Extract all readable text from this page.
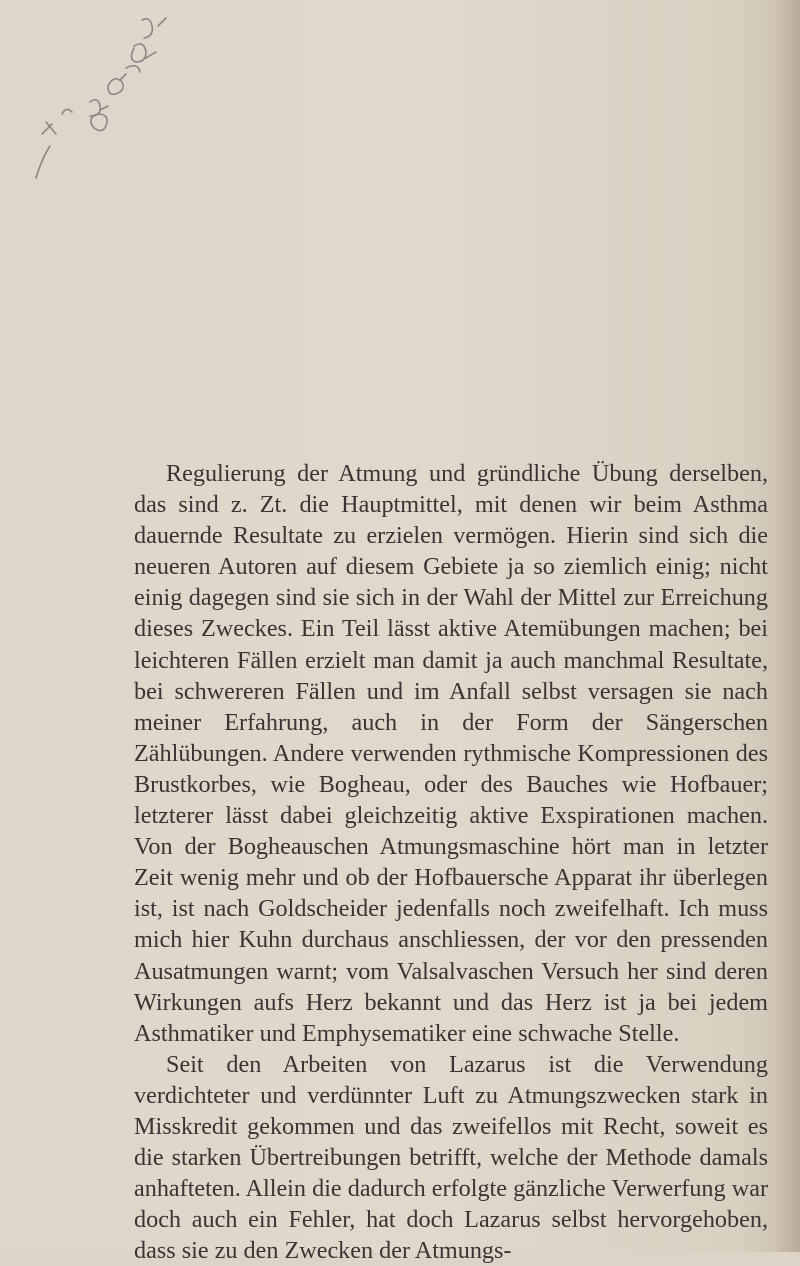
Regulierung der Atmung und gründliche Übung derselben, das sind z. Zt. die Hauptmittel, mit denen wir beim Asthma dauernde Resultate zu erzielen vermögen. Hierin sind sich die neueren Autoren auf diesem Gebiete ja so ziemlich einig; nicht einig dagegen sind sie sich in der Wahl der Mittel zur Erreichung dieses Zweckes. Ein Teil lässt aktive Atemübungen machen; bei leichteren Fällen erzielt man damit ja auch manchmal Resultate, bei schwereren Fällen und im Anfall selbst versagen sie nach meiner Erfahrung, auch in der Form der Sängerschen Zählübungen. Andere verwenden rythmische Kompressionen des Brustkorbes, wie Bogheau, oder des Bauches wie Hofbauer; letzterer lässt dabei gleichzeitig aktive Exspirationen machen. Von der Bogheauschen Atmungsmaschine hört man in letzter Zeit wenig mehr und ob der Hofbauersche Apparat ihr überlegen ist, ist nach Goldscheider jedenfalls noch zweifelhaft. Ich muss mich hier Kuhn durchaus anschliessen, der vor den pressenden Ausatmungen warnt; vom Valsalvaschen Versuch her sind deren Wirkungen aufs Herz bekannt und das Herz ist ja bei jedem Asthmatiker und Emphysematiker eine schwache Stelle.

Seit den Arbeiten von Lazarus ist die Verwendung verdichteter und verdünnter Luft zu Atmungszwecken stark in Misskredit gekommen und das zweifellos mit Recht, soweit es die starken Übertreibungen betrifft, welche der Methode damals anhafteten. Allein die dadurch erfolgte gänzliche Verwerfung war doch auch ein Fehler, hat doch Lazarus selbst hervorgehoben, dass sie zu den Zwecken der Atmungs-
